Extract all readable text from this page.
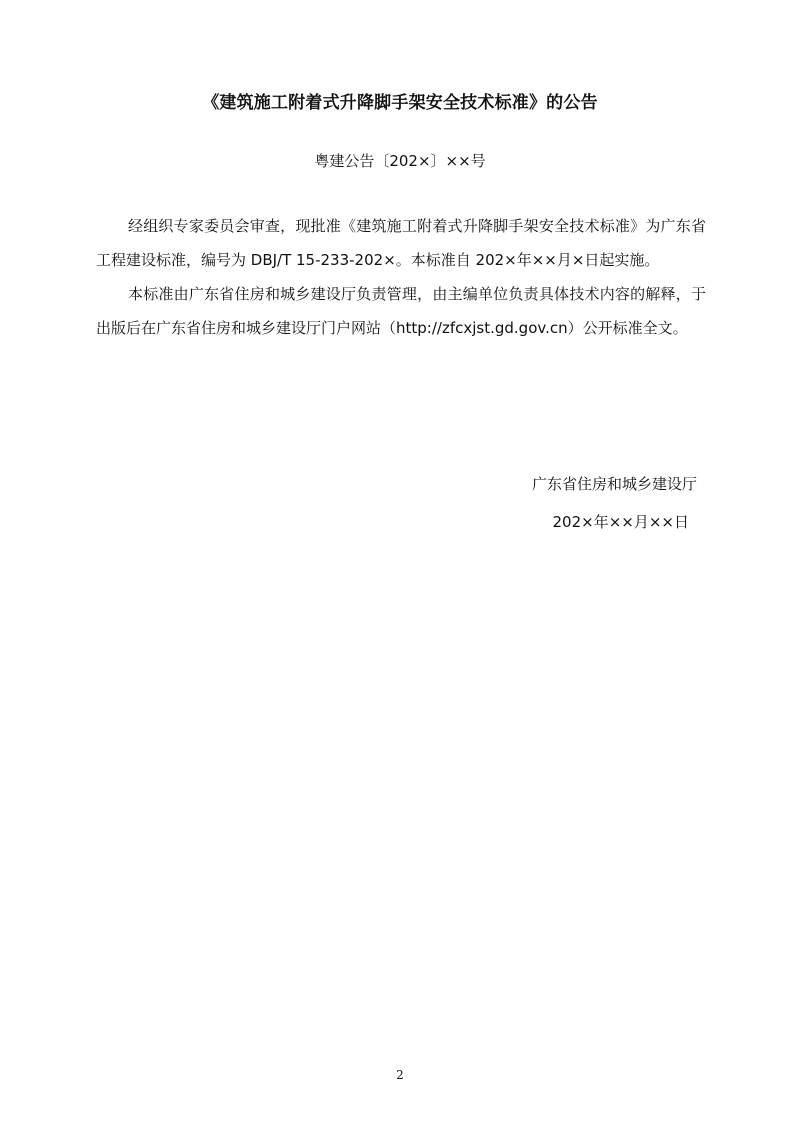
《建筑施工附着式升降脚手架安全技术标准》的公告

粤建公告〔202×〕××号

经组织专家委员会审查，现批准《建筑施工附着式升降脚手架安全技术标准》为广东省工程建设标准，编号为 DBJ/T 15-233-202×。本标准自 202×年××月×日起实施。

本标准由广东省住房和城乡建设厅负责管理，由主编单位负责具体技术内容的解释，于出版后在广东省住房和城乡建设厅门户网站（http://zfcxjst.gd.gov.cn）公开标准全文。

广东省住房和城乡建设厅

202×年××月××日

2
